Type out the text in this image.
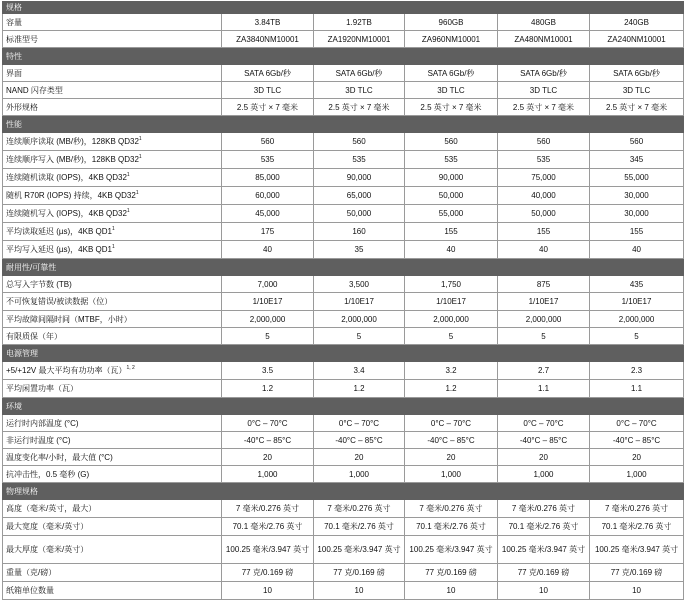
规格					
容量	3.84TB	1.92TB	960GB	480GB	240GB
标准型号	ZA3840NM10001	ZA1920NM10001	ZA960NM10001	ZA480NM10001	ZA240NM10001
特性					
界面	SATA 6Gb/秒	SATA 6Gb/秒	SATA 6Gb/秒	SATA 6Gb/秒	SATA 6Gb/秒
NAND 闪存类型	3D TLC	3D TLC	3D TLC	3D TLC	3D TLC
外形规格	2.5 英寸 × 7 毫米	2.5 英寸 × 7 毫米	2.5 英寸 × 7 毫米	2.5 英寸 × 7 毫米	2.5 英寸 × 7 毫米
性能					
连续顺序读取 (MB/秒)，128KB $QD32^1$	560	560	560	560	560
连续顺序写入 (MB/秒)，128KB $QD32^1$	535	535	535	535	345
连续随机读取 (IOPS)，4KB $QD32^1$	85,000	90,000	90,000	75,000	55,000
随机 R70R (IOPS) 持续，4KB $QD32^1$	60,000	65,000	50,000	40,000	30,000
连续随机写入 (IOPS)，4KB $QD32^1$	45,000	50,000	55,000	50,000	30,000
平均读取延迟 (µs)，4KB $QD1^1$	175	160	155	155	155
平均写入延迟 (µs)，4KB $QD1^1$	40	35	40	40	40
耐用性/可靠性					
总写入字节数 (TB)	7,000	3,500	1,750	875	435
不可恢复错误/被读数据（位）	1/10E17	1/10E17	1/10E17	1/10E17	1/10E17
平均故障间隔时间（MTBF，小时）	2,000,000	2,000,000	2,000,000	2,000,000	2,000,000
有限质保（年）	5	5	5	5	5
电源管理					
+5/+12V 最大平均有功功率（瓦）$^{1, 2}$	3.5	3.4	3.2	2.7	2.3
平均闲置功率（瓦）	1.2	1.2	1.2	1.1	1.1
环境					
运行时内部温度 (°C)	0°C – 70°C	0°C – 70°C	0°C – 70°C	0°C – 70°C	0°C – 70°C
非运行时温度 (°C)	-40°C – 85°C	-40°C – 85°C	-40°C – 85°C	-40°C – 85°C	-40°C – 85°C
温度变化率/小时，最大值 (°C)	20	20	20	20	20
抗冲击性，0.5 毫秒 (G)	1,000	1,000	1,000	1,000	1,000
物理规格					
高度（毫米/英寸，最大）	7 毫米/0.276 英寸	7 毫米/0.276 英寸	7 毫米/0.276 英寸	7 毫米/0.276 英寸	7 毫米/0.276 英寸
最大宽度（毫米/英寸）	70.1 毫米/2.76 英寸	70.1 毫米/2.76 英寸	70.1 毫米/2.76 英寸	70.1 毫米/2.76 英寸	70.1 毫米/2.76 英寸
最大厚度（毫米/英寸）	100.25 毫米/3.947 英寸	100.25 毫米/3.947 英寸	100.25 毫米/3.947 英寸	100.25 毫米/3.947 英寸	100.25 毫米/3.947 英寸
重量（克/磅）	77 克/0.169 磅	77 克/0.169 磅	77 克/0.169 磅	77 克/0.169 磅	77 克/0.169 磅
纸箱单位数量	10	10	10	10	10
